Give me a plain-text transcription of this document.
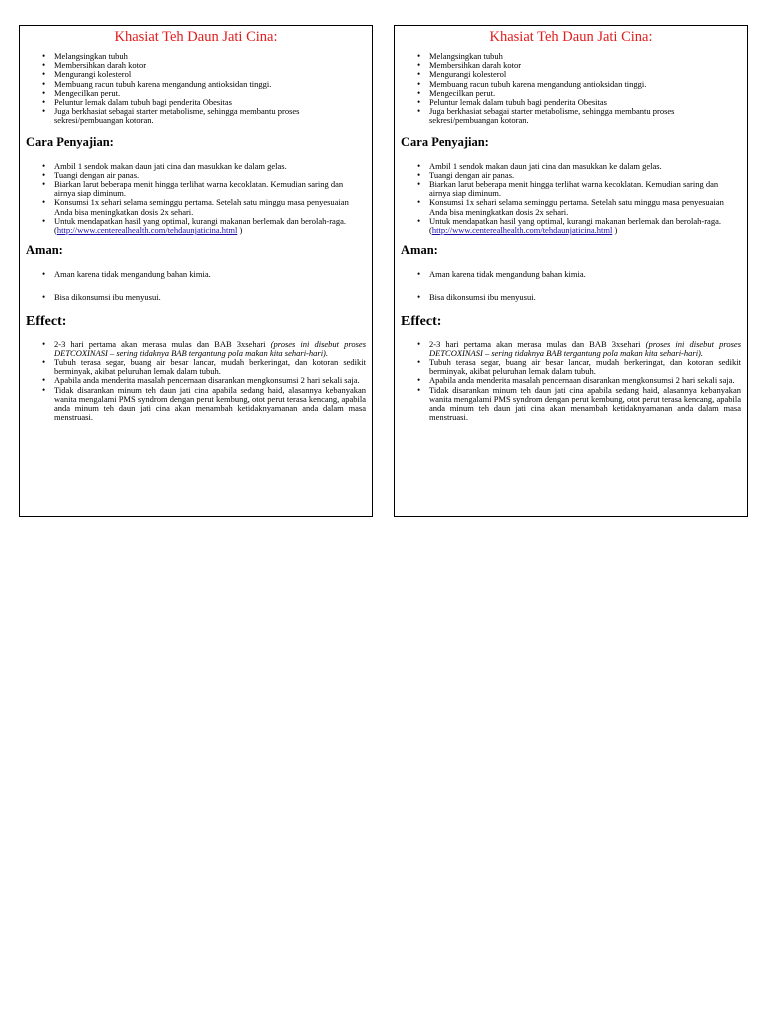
Khasiat Teh Daun Jati Cina:
• Melangsingkan tubuh
• Membersihkan darah kotor
• Mengurangi kolesterol
• Membuang racun tubuh karena mengandung antioksidan tinggi.
• Mengecilkan perut.
• Peluntur lemak dalam tubuh bagi penderita Obesitas
• Juga berkhasiat sebagai starter metabolisme, sehingga membantu proses sekresi/pembuangan kotoran.
Cara Penyajian:
• Ambil 1 sendok makan daun jati cina dan masukkan ke dalam gelas.
• Tuangi dengan air panas.
• Biarkan larut beberapa menit hingga terlihat warna kecoklatan. Kemudian saring dan airnya siap diminum.
• Konsumsi 1x sehari selama seminggu pertama. Setelah satu minggu masa penyesuaian Anda bisa meningkatkan dosis 2x sehari.
• Untuk mendapatkan hasil yang optimal, kurangi makanan berlemak dan berolah-raga. (http://www.centerealhealth.com/tehdaunjaticina.html )
Aman:
• Aman karena tidak mengandung bahan kimia.
• Bisa dikonsumsi ibu menyusui.
Effect:
• 2-3 hari pertama akan merasa mulas dan BAB 3xsehari (proses ini disebut proses DETCOXINASI – sering tidaknya BAB tergantung pola makan kita sehari-hari).
• Tubuh terasa segar, buang air besar lancar, mudah berkeringat, dan kotoran sedikit berminyak, akibat peluruhan lemak dalam tubuh.
• Apabila anda menderita masalah pencernaan disarankan mengkonsumsi 2 hari sekali saja.
• Tidak disarankan minum teh daun jati cina apabila sedang haid, alasannya kebanyakan wanita mengalami PMS syndrom dengan perut kembung, otot perut terasa kencang, apabila anda minum teh daun jati cina akan menambah ketidaknyamanan anda dalam masa menstruasi.
Khasiat Teh Daun Jati Cina:
• Melangsingkan tubuh
• Membersihkan darah kotor
• Mengurangi kolesterol
• Membuang racun tubuh karena mengandung antioksidan tinggi.
• Mengecilkan perut.
• Peluntur lemak dalam tubuh bagi penderita Obesitas
• Juga berkhasiat sebagai starter metabolisme, sehingga membantu proses sekresi/pembuangan kotoran.
Cara Penyajian:
• Ambil 1 sendok makan daun jati cina dan masukkan ke dalam gelas.
• Tuangi dengan air panas.
• Biarkan larut beberapa menit hingga terlihat warna kecoklatan. Kemudian saring dan airnya siap diminum.
• Konsumsi 1x sehari selama seminggu pertama. Setelah satu minggu masa penyesuaian Anda bisa meningkatkan dosis 2x sehari.
• Untuk mendapatkan hasil yang optimal, kurangi makanan berlemak dan berolah-raga. (http://www.centerealhealth.com/tehdaunjaticina.html )
Aman:
• Aman karena tidak mengandung bahan kimia.
• Bisa dikonsumsi ibu menyusui.
Effect:
• 2-3 hari pertama akan merasa mulas dan BAB 3xsehari (proses ini disebut proses DETCOXINASI – sering tidaknya BAB tergantung pola makan kita sehari-hari).
• Tubuh terasa segar, buang air besar lancar, mudah berkeringat, dan kotoran sedikit berminyak, akibat peluruhan lemak dalam tubuh.
• Apabila anda menderita masalah pencernaan disarankan mengkonsumsi 2 hari sekali saja.
• Tidak disarankan minum teh daun jati cina apabila sedang haid, alasannya kebanyakan wanita mengalami PMS syndrom dengan perut kembung, otot perut terasa kencang, apabila anda minum teh daun jati cina akan menambah ketidaknyamanan anda dalam masa menstruasi.
